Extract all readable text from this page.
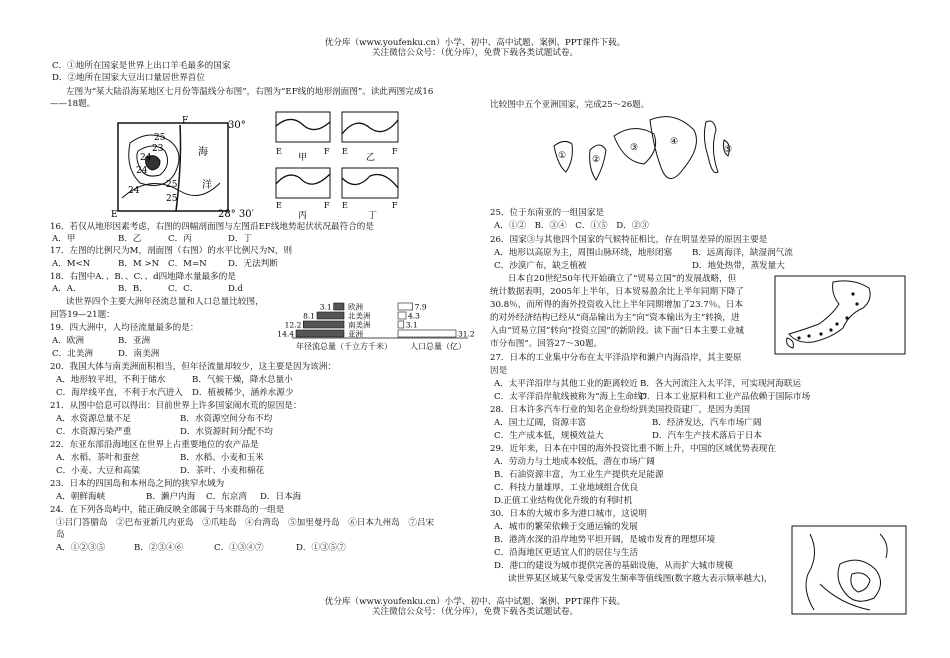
优分库（www.youfenku.cn）小学、初中、高中试题、案例、PPT课件下载。
关注微信公众号：（优分库），免费下载各类试题试卷。
C．①地所在国家是世界上出口羊毛最多的国家
D．②地所在国家大豆出口量居世界首位
左图为“某大陆沿海某地区七月份等温线分布图”，右图为“EF线的地形剖面图”。读此两图完成16
——18题。
25
24
23
24
25
24
25
海
洋
30°
28° 30′
F
E
E	F
甲
E	F
乙
E	F
丙
E	F
丁
16．若仅从地形因素考虑，右图的四幅剖面图与左图沿EF线地势起伏状况最符合的是
A．甲	B．乙	C．丙	D．丁
17．左图的比例尺为M，剖面图（右图）的水平比例尺为N，则
A．M<N	B．M >N C．M=N D．无法判断
18．右图中A．、B．、C．、d四地降水量最多的是
A．A．	B．B． C．C．	D.d
读世界四个主要大洲年径流总量和人口总量比较图，
回答19—21题：
欧洲
3.1	7.9
北美洲
8.1	4.3
南美洲
12.2	3.1
亚洲
14.4	31.2
年径流总量（千立方千米） 人口总量（亿）
19．四大洲中，人均径流量最多的是：
A．欧洲	B．亚洲
C．北美洲	D．南美洲
20．我国大体与南美洲面积相当，但年径流量却较少，这主要是因为该洲：
A．地形较平坦，不利于储水	B．气候干燥，降水总量小
C．海岸线平直，不利于水汽进入 D．植被稀少，涵养水源少
21．从图中信息可以得出：目前世界上许多国家闹水荒的原因是：
A．水资源总量不足	B．水资源空间分布不均
C．水资源污染严重	D．水资源时间分配不均
22．东亚东部沿海地区在世界上占重要地位的农产品是
A．水稻、茶叶和蚕丝	B．水稻、小麦和玉米
C．小麦、大豆和高粱	D．茶叶、小麦和棉花
23．日本的四国岛和本州岛之间的狭窄水域为
A．朝鲜海峡	B．濑户内海 C．东京湾 D．日本海
24．在下列各岛屿中，能正确反映全部属于马来群岛的一组是
①吕门答腊岛　②巴布亚新几内亚岛　③爪哇岛　④台湾岛　⑤加里曼丹岛　⑥日本九州岛　⑦吕宋
岛
A．①②③⑤	B．②③④⑥	C．①③④⑦	D．①③⑤⑦
比较图中五个亚洲国家，完成25～26题。
①	②
③
④
⑤
25．位于东南亚的一组国家是
A．①②　B．③④　C．①⑤　D．②③
26．国家③与其他四个国家的气候特征相比，存在明显差异的原因主要是
A．地形以高原为主，周围山脉环绕，地形闭塞 B．远离海洋，缺湿润气流
C．沙漠广布，缺乏植被	D．地处热带，蒸发量大
日本自20世纪50年代开始确立了“贸易立国”的发展战略，但
统计数据表明，2005年上半年，日本贸易盈余比上半年同期下降了
30.8％，而所得的海外投资收入比上半年同期增加了23.7％。日本
的对外经济结构已经从“商品输出为主”向“资本输出为主”转换，进
入由“贸易立国”转向“投资立国”的新阶段。读下面“日本主要工业城
市分布图”。回答27～30题。
27．日本的工业集中分布在太平洋沿岸和濑户内海沿岸，其主要原
因是
A．太平洋沿岸与其他工业的距离较近 B．各大河流注入太平洋，可实现河海联运
C．太平洋沿岸航线被称为“海上生命线”
D．日本工业原料和工业产品依赖于国际市场
28．日本许多汽车行业的知名企业纷纷到美国投资建厂，是因为美国
A．国土辽阔，资源丰富	B．经济发达，汽车市场广阔
C．生产成本低，规模效益大	D．汽车生产技术落后于日本
29．近年来，日本在中国的海外投资比重不断上升，中国的区域优势表现在
A．劳动力与土地成本较低，潜在市场广阔
B．石油资源丰富，为工业生产提供充足能源
C．科技力量雄厚，工业地域组合优良
D.正值工业结构优化升级的有利时机
30．日本的大城市多为港口城市，这说明
A．城市的繁荣依赖于交通运输的发展
B．港湾水深的沿岸地势平坦开阔，是城市发育的理想环境
C．沿海地区更适宜人们的居住与生活
D．港口的建设为城市提供完善的基础设施，从而扩大城市规模
读世界某区域某气象受害发生频率等值线图(数字越大表示频率越大)，
优分库（www.youfenku.cn）小学、初中、高中试题、案例、PPT课件下载。
关注微信公众号：（优分库），免费下载各类试题试卷。
